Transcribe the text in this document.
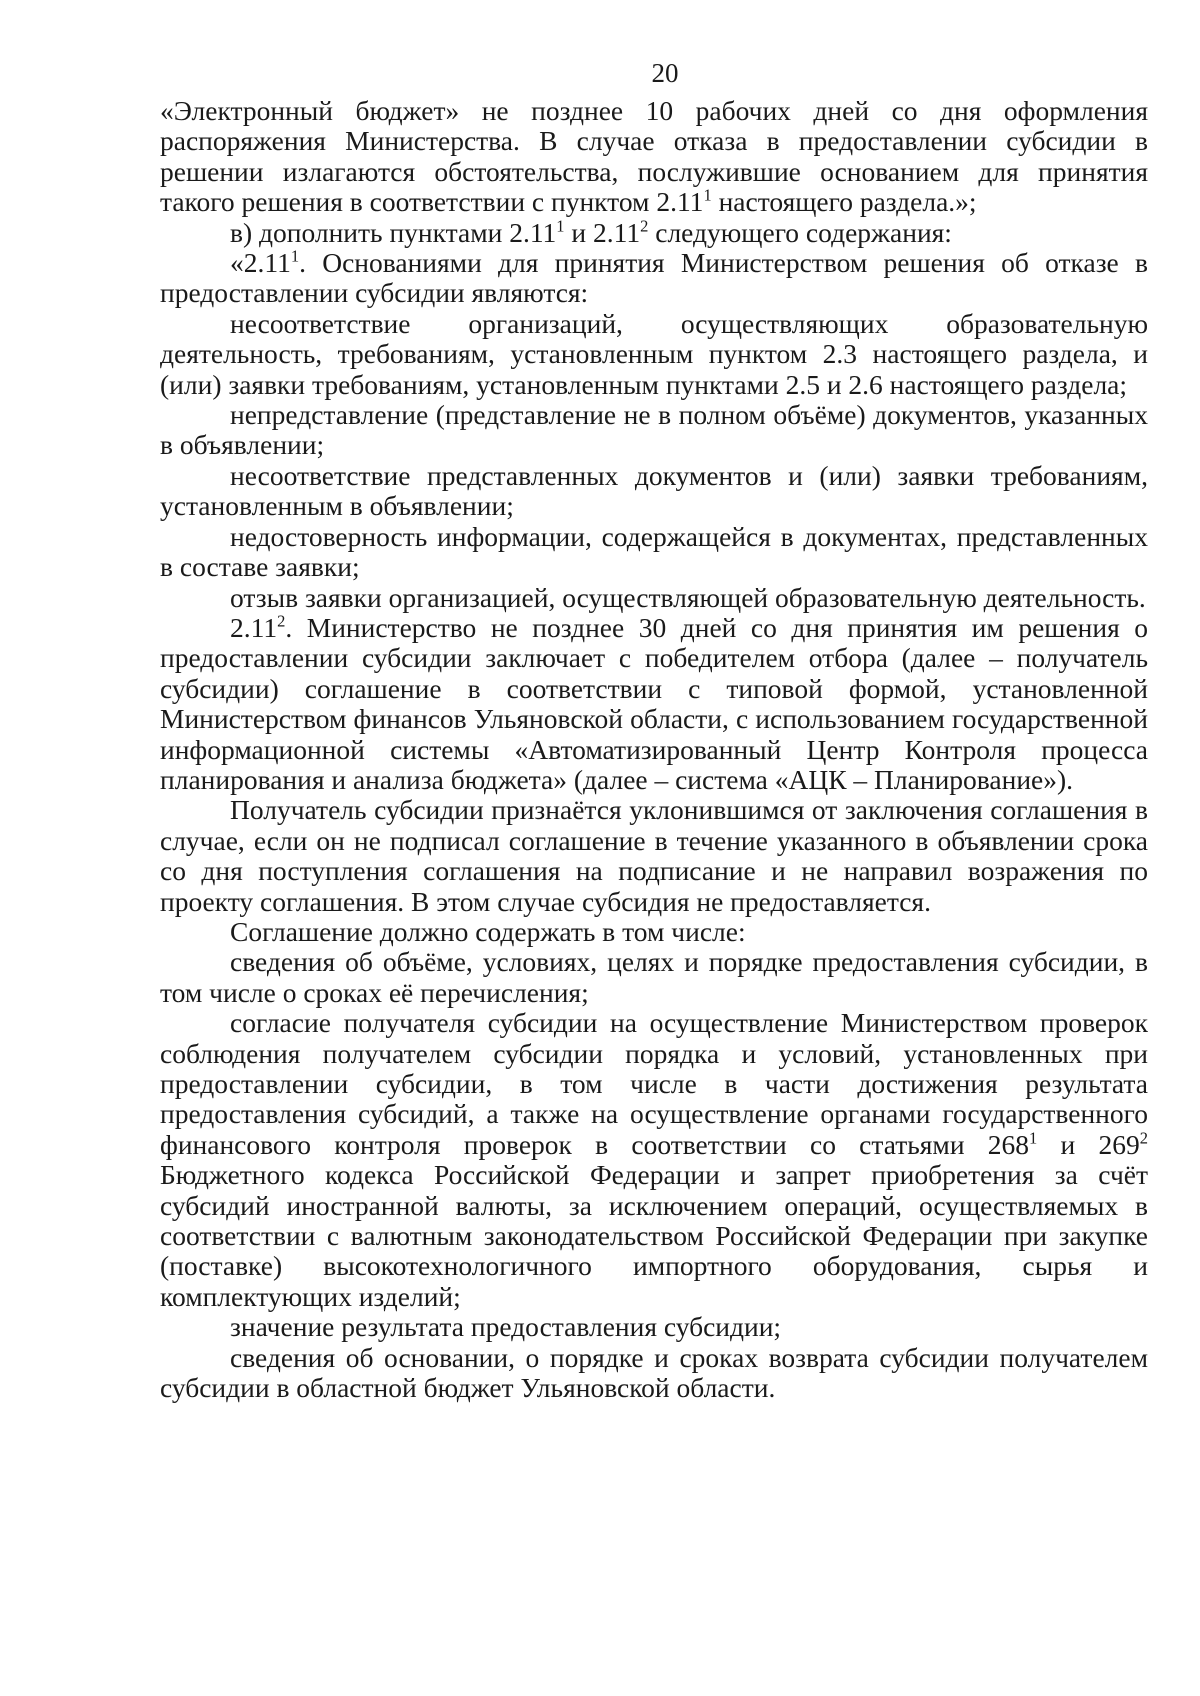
20

«Электронный бюджет» не позднее 10 рабочих дней со дня оформления распоряжения Министерства. В случае отказа в предоставлении субсидии в решении излагаются обстоятельства, послужившие основанием для принятия такого решения в соответствии с пунктом 2.11$^1$ настоящего раздела.»;

в) дополнить пунктами 2.11$^1$ и 2.11$^2$ следующего содержания:

«2.11$^1$. Основаниями для принятия Министерством решения об отказе в предоставлении субсидии являются:

несоответствие организаций, осуществляющих образовательную деятельность, требованиям, установленным пунктом 2.3 настоящего раздела, и (или) заявки требованиям, установленным пунктами 2.5 и 2.6 настоящего раздела;

непредставление (представление не в полном объёме) документов, указанных в объявлении;

несоответствие представленных документов и (или) заявки требованиям, установленным в объявлении;

недостоверность информации, содержащейся в документах, представленных в составе заявки;

отзыв заявки организацией, осуществляющей образовательную деятельность.

2.11$^2$. Министерство не позднее 30 дней со дня принятия им решения о предоставлении субсидии заключает с победителем отбора (далее – получатель субсидии) соглашение в соответствии с типовой формой, установленной Министерством финансов Ульяновской области, с использованием государственной информационной системы «Автоматизированный Центр Контроля процесса планирования и анализа бюджета» (далее – система «АЦК – Планирование»).

Получатель субсидии признаётся уклонившимся от заключения соглашения в случае, если он не подписал соглашение в течение указанного в объявлении срока со дня поступления соглашения на подписание и не направил возражения по проекту соглашения. В этом случае субсидия не предоставляется.

Соглашение должно содержать в том числе:

сведения об объёме, условиях, целях и порядке предоставления субсидии, в том числе о сроках её перечисления;

согласие получателя субсидии на осуществление Министерством проверок соблюдения получателем субсидии порядка и условий, установленных при предоставлении субсидии, в том числе в части достижения результата предоставления субсидий, а также на осуществление органами государственного финансового контроля проверок в соответствии со статьями $268^1$ и $269^2$ Бюджетного кодекса Российской Федерации и запрет приобретения за счёт субсидий иностранной валюты, за исключением операций, осуществляемых в соответствии с валютным законодательством Российской Федерации при закупке (поставке) высокотехнологичного импортного оборудования, сырья и комплектующих изделий;

значение результата предоставления субсидии;

сведения об основании, о порядке и сроках возврата субсидии получателем субсидии в областной бюджет Ульяновской области.
